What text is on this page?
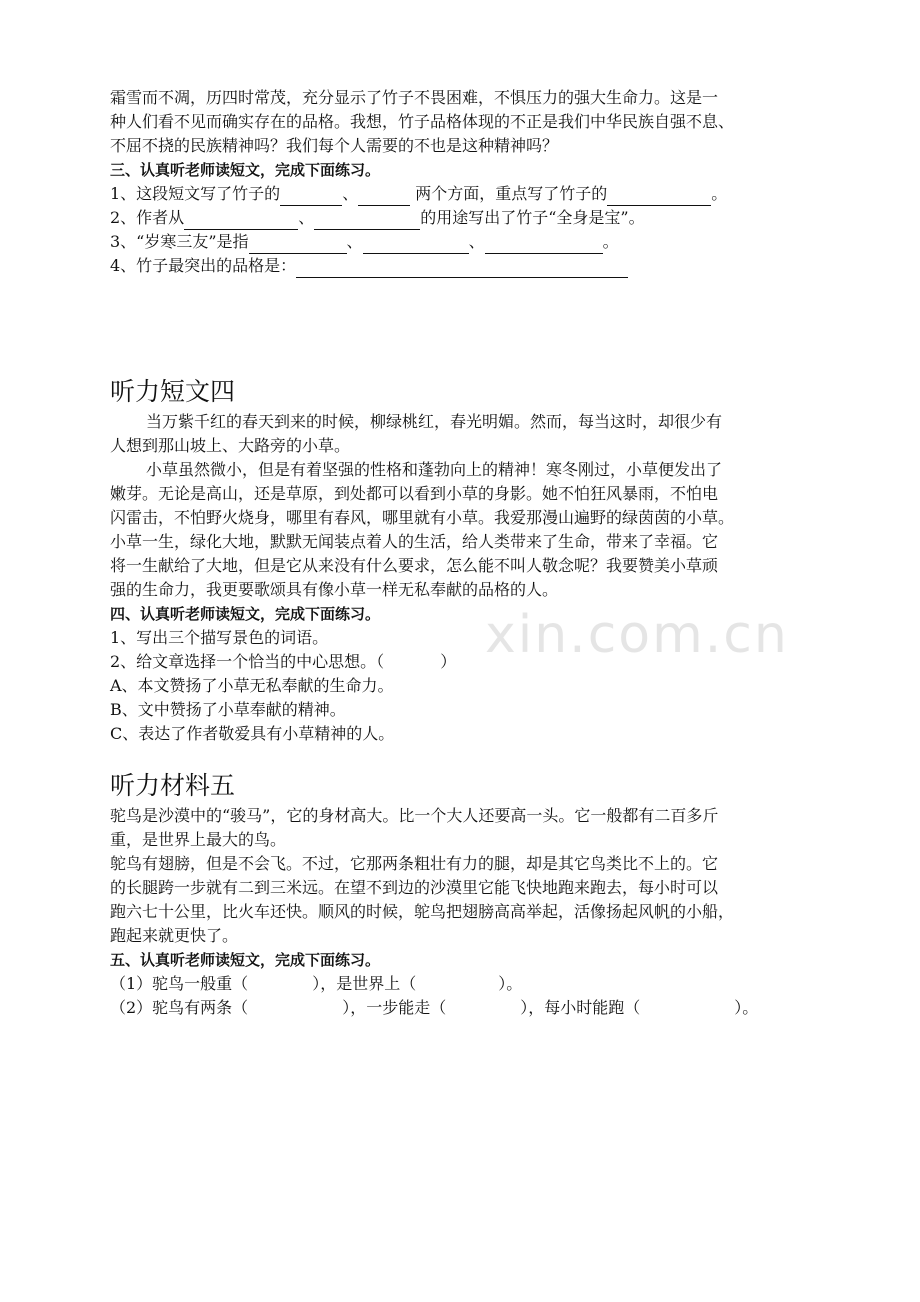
霜雪而不凋，历四时常茂，充分显示了竹子不畏困难，不惧压力的强大生命力。这是一

种人们看不见而确实存在的品格。我想，竹子品格体现的不正是我们中华民族自强不息、

不屈不挠的民族精神吗？我们每个人需要的不也是这种精神吗？

三、认真听老师读短文，完成下面练习。

1、这段短文写了竹子的	、	两个方面，重点写了竹子的	。

2、作者从	、	的用途写出了竹子“全身是宝”。

3、“岁寒三友”是指	、	、	。

4、竹子最突出的品格是：

听力短文四

当万紫千红的春天到来的时候，柳绿桃红，春光明媚。然而，每当这时，却很少有

人想到那山坡上、大路旁的小草。

小草虽然微小，但是有着坚强的性格和蓬勃向上的精神！寒冬刚过，小草便发出了

嫩芽。无论是高山，还是草原，到处都可以看到小草的身影。她不怕狂风暴雨，不怕电

闪雷击，不怕野火烧身，哪里有春风，哪里就有小草。我爱那漫山遍野的绿茵茵的小草。

小草一生，绿化大地，默默无闻装点着人的生活，给人类带来了生命，带来了幸福。它

将一生献给了大地，但是它从来没有什么要求，怎么能不叫人敬念呢？我要赞美小草顽

强的生命力，我更要歌颂具有像小草一样无私奉献的品格的人。

四、认真听老师读短文，完成下面练习。

1、写出三个描写景色的词语。

2、给文章选择一个恰当的中心思想。（	）

A、本文赞扬了小草无私奉献的生命力。

B、文中赞扬了小草奉献的精神。

C、表达了作者敬爱具有小草精神的人。

听力材料五

驼鸟是沙漠中的“骏马”，它的身材高大。比一个大人还要高一头。它一般都有二百多斤

重，是世界上最大的鸟。

鸵鸟有翅膀，但是不会飞。不过，它那两条粗壮有力的腿，却是其它鸟类比不上的。它

的长腿跨一步就有二到三米远。在望不到边的沙漠里它能飞快地跑来跑去，每小时可以

跑六七十公里，比火车还快。顺风的时候，鸵鸟把翅膀高高举起，活像扬起风帆的小船，

跑起来就更快了。

五、认真听老师读短文，完成下面练习。

（1）驼鸟一般重（	），是世界上（	）。

（2）驼鸟有两条（	），一步能走（	），每小时能跑（	）。

xin.com.cn
